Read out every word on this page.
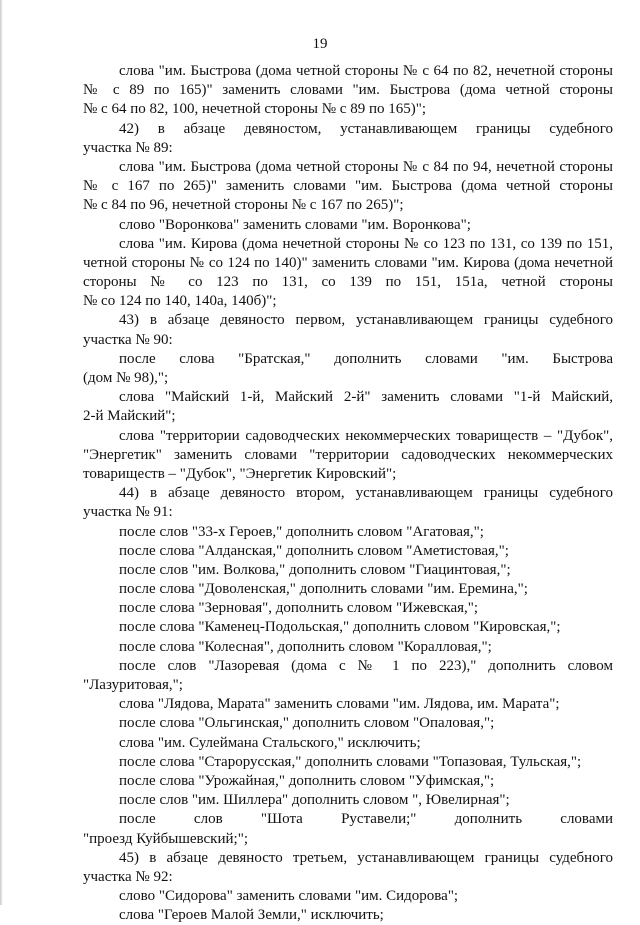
19
слова "им. Быстрова (дома четной стороны № с 64 по 82, нечетной стороны
№ с 89 по 165)" заменить словами "им. Быстрова (дома четной стороны
№ с 64 по 82, 100, нечетной стороны № с 89 по 165)";
42) в абзаце девяностом, устанавливающем границы судебного
участка № 89:
слова "им. Быстрова (дома четной стороны № с 84 по 94, нечетной стороны
№ с 167 по 265)" заменить словами "им. Быстрова (дома четной стороны
№ с 84 по 96, нечетной стороны № с 167 по 265)";
слово "Воронкова" заменить словами "им. Воронкова";
слова "им. Кирова (дома нечетной стороны № со 123 по 131, со 139 по 151,
четной стороны № со 124 по 140)" заменить словами "им. Кирова (дома нечетной
стороны № со 123 по 131, со 139 по 151, 151а, четной стороны
№ со 124 по 140, 140а, 140б)";
43) в абзаце девяносто первом, устанавливающем границы судебного
участка № 90:
после слова "Братская," дополнить словами "им. Быстрова
(дом № 98),";
слова "Майский 1-й, Майский 2-й" заменить словами "1-й Майский,
2-й Майский";
слова "территории садоводческих некоммерческих товариществ – "Дубок",
"Энергетик" заменить словами "территории садоводческих некоммерческих
товариществ – "Дубок", "Энергетик Кировский";
44) в абзаце девяносто втором, устанавливающем границы судебного
участка № 91:
после слов "33-х Героев," дополнить словом "Агатовая,";
после слова "Алданская," дополнить словом "Аметистовая,";
после слов "им. Волкова," дополнить словом "Гиацинтовая,";
после слова "Доволенская," дополнить словами "им. Еремина,";
после слова "Зерновая", дополнить словом "Ижевская,";
после слова "Каменец-Подольская," дополнить словом "Кировская,";
после слова "Колесная", дополнить словом "Коралловая,";
после слов "Лазоревая (дома с № 1 по 223)," дополнить словом
"Лазуритовая,";
слова "Лядова, Марата" заменить словами "им. Лядова, им. Марата";
после слова "Ольгинская," дополнить словом "Опаловая,";
слова "им. Сулеймана Стальского," исключить;
после слова "Старорусская," дополнить словами "Топазовая, Тульская,";
после слова "Урожайная," дополнить словом "Уфимская,";
после слов "им. Шиллера" дополнить словом ", Ювелирная";
после слов "Шота Руставели;" дополнить словами
"проезд Куйбышевский;";
45) в абзаце девяносто третьем, устанавливающем границы судебного
участка № 92:
слово "Сидорова" заменить словами "им. Сидорова";
слова "Героев Малой Земли," исключить;
